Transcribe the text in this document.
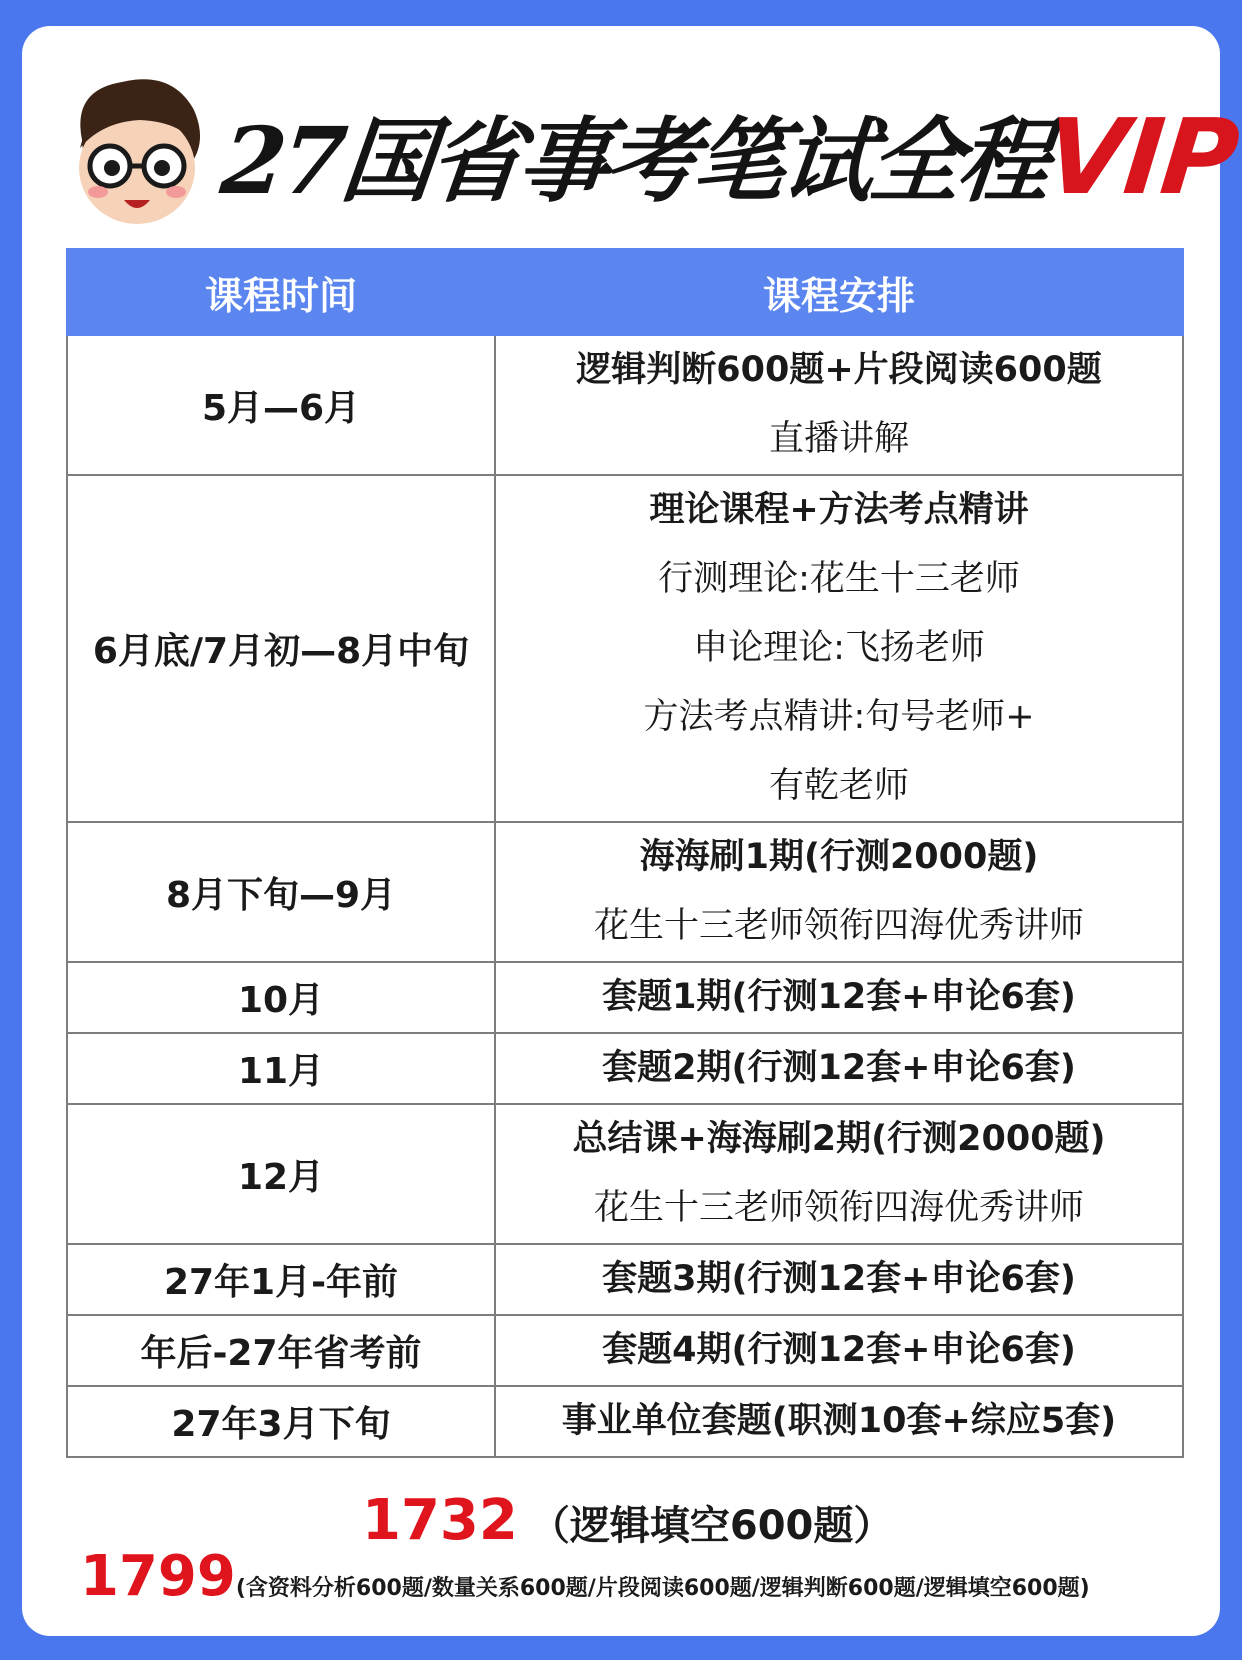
27国省事考笔试全程VIP
课程时间	课程安排
5月—6月	逻辑判断600题+片段阅读600题
直播讲解

6月底/7月初—8月中旬	理论课程+方法考点精讲
行测理论:花生十三老师
申论理论:飞扬老师
方法考点精讲:句号老师+
有乾老师

8月下旬—9月	海海刷1期(行测2000题)
花生十三老师领衔四海优秀讲师

10月	套题1期(行测12套+申论6套)

11月	套题2期(行测12套+申论6套)

12月	总结课+海海刷2期(行测2000题)
花生十三老师领衔四海优秀讲师

27年1月-年前	套题3期(行测12套+申论6套)

年后-27年省考前	套题4期(行测12套+申论6套)

27年3月下旬	事业单位套题(职测10套+综应5套)
1732 （逻辑填空600题）
1799(含资料分析600题/数量关系600题/片段阅读600题/逻辑判断600题/逻辑填空600题)
